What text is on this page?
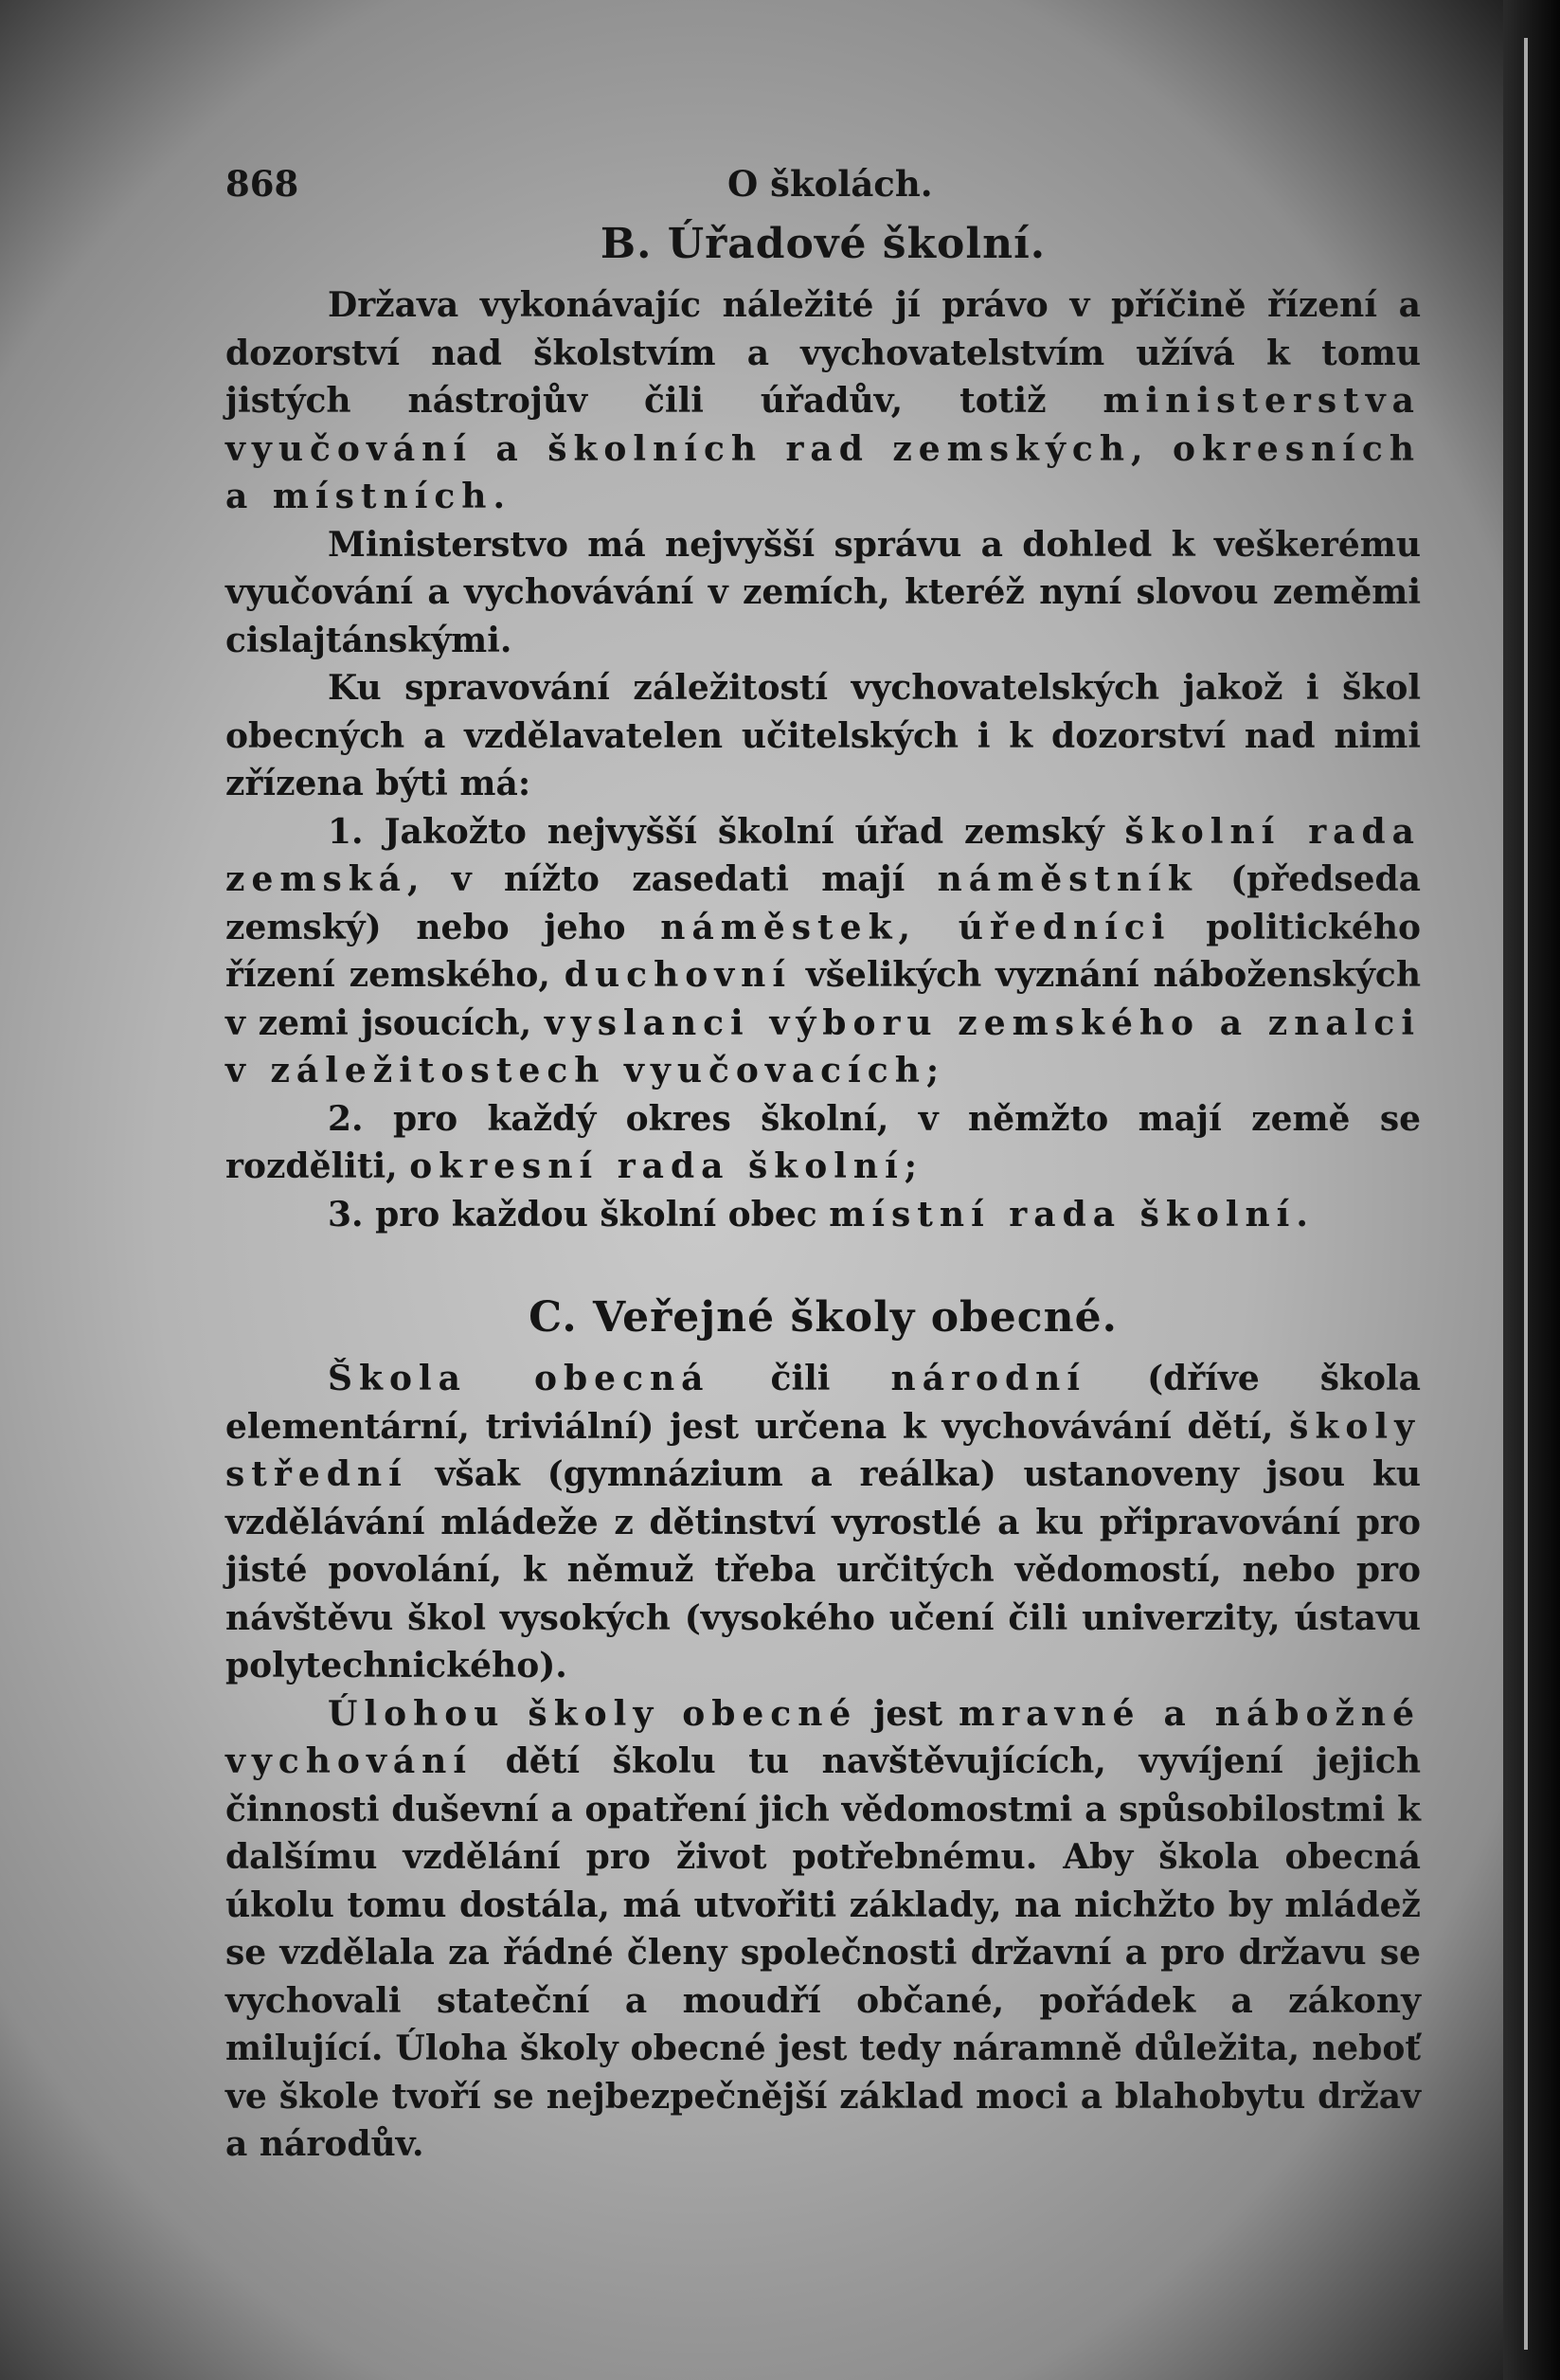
868	O školách.
B. Úřadové školní.

Država vykonávajíc náležité jí právo v příčině řízení a dozorství nad školstvím a vychovatelstvím užívá k tomu jistých nástrojův čili úřadův, totiž ministerstva vyučování a školních rad zemských, okresních a místních.

Ministerstvo má nejvyšší správu a dohled k veškerému vyučování a vychovávání v zemích, kteréž nyní slovou zeměmi cislajtánskými.

Ku spravování záležitostí vychovatelských jakož i škol obecných a vzdělavatelen učitelských i k dozorství nad nimi zřízena býti má:

1. Jakožto nejvyšší školní úřad zemský školní rada zemská, v nížto zasedati mají náměstník (předseda zemský) nebo jeho náměstek, úředníci politického řízení zemského, duchovní všelikých vyznání náboženských v zemi jsoucích, vyslanci výboru zemského a znalci v záležitostech vyučovacích;

2. pro každý okres školní, v němžto mají země se rozděliti, okresní rada školní;

3. pro každou školní obec místní rada školní.

C. Veřejné školy obecné.

Škola obecná čili národní (dříve škola elementární, triviální) jest určena k vychovávání dětí, školy střední však (gymnázium a reálka) ustanoveny jsou ku vzdělávání mládeže z dětinství vyrostlé a ku připravování pro jisté povolání, k němuž třeba určitých vědomostí, nebo pro návštěvu škol vysokých (vysokého učení čili univerzity, ústavu polytechnického).

Úlohou školy obecné jest mravné a nábožné vychování dětí školu tu navštěvujících, vyvíjení jejich činnosti duševní a opatření jich vědomostmi a spůsobilostmi k dalšímu vzdělání pro život potřebnému. Aby škola obecná úkolu tomu dostála, má utvořiti základy, na nichžto by mládež se vzdělala za řádné členy společnosti državní a pro državu se vychovali stateční a moudří občané, pořádek a zákony milující. Úloha školy obecné jest tedy náramně důležita, neboť ve škole tvoří se nejbezpečnější základ moci a blahobytu držav a národův.
